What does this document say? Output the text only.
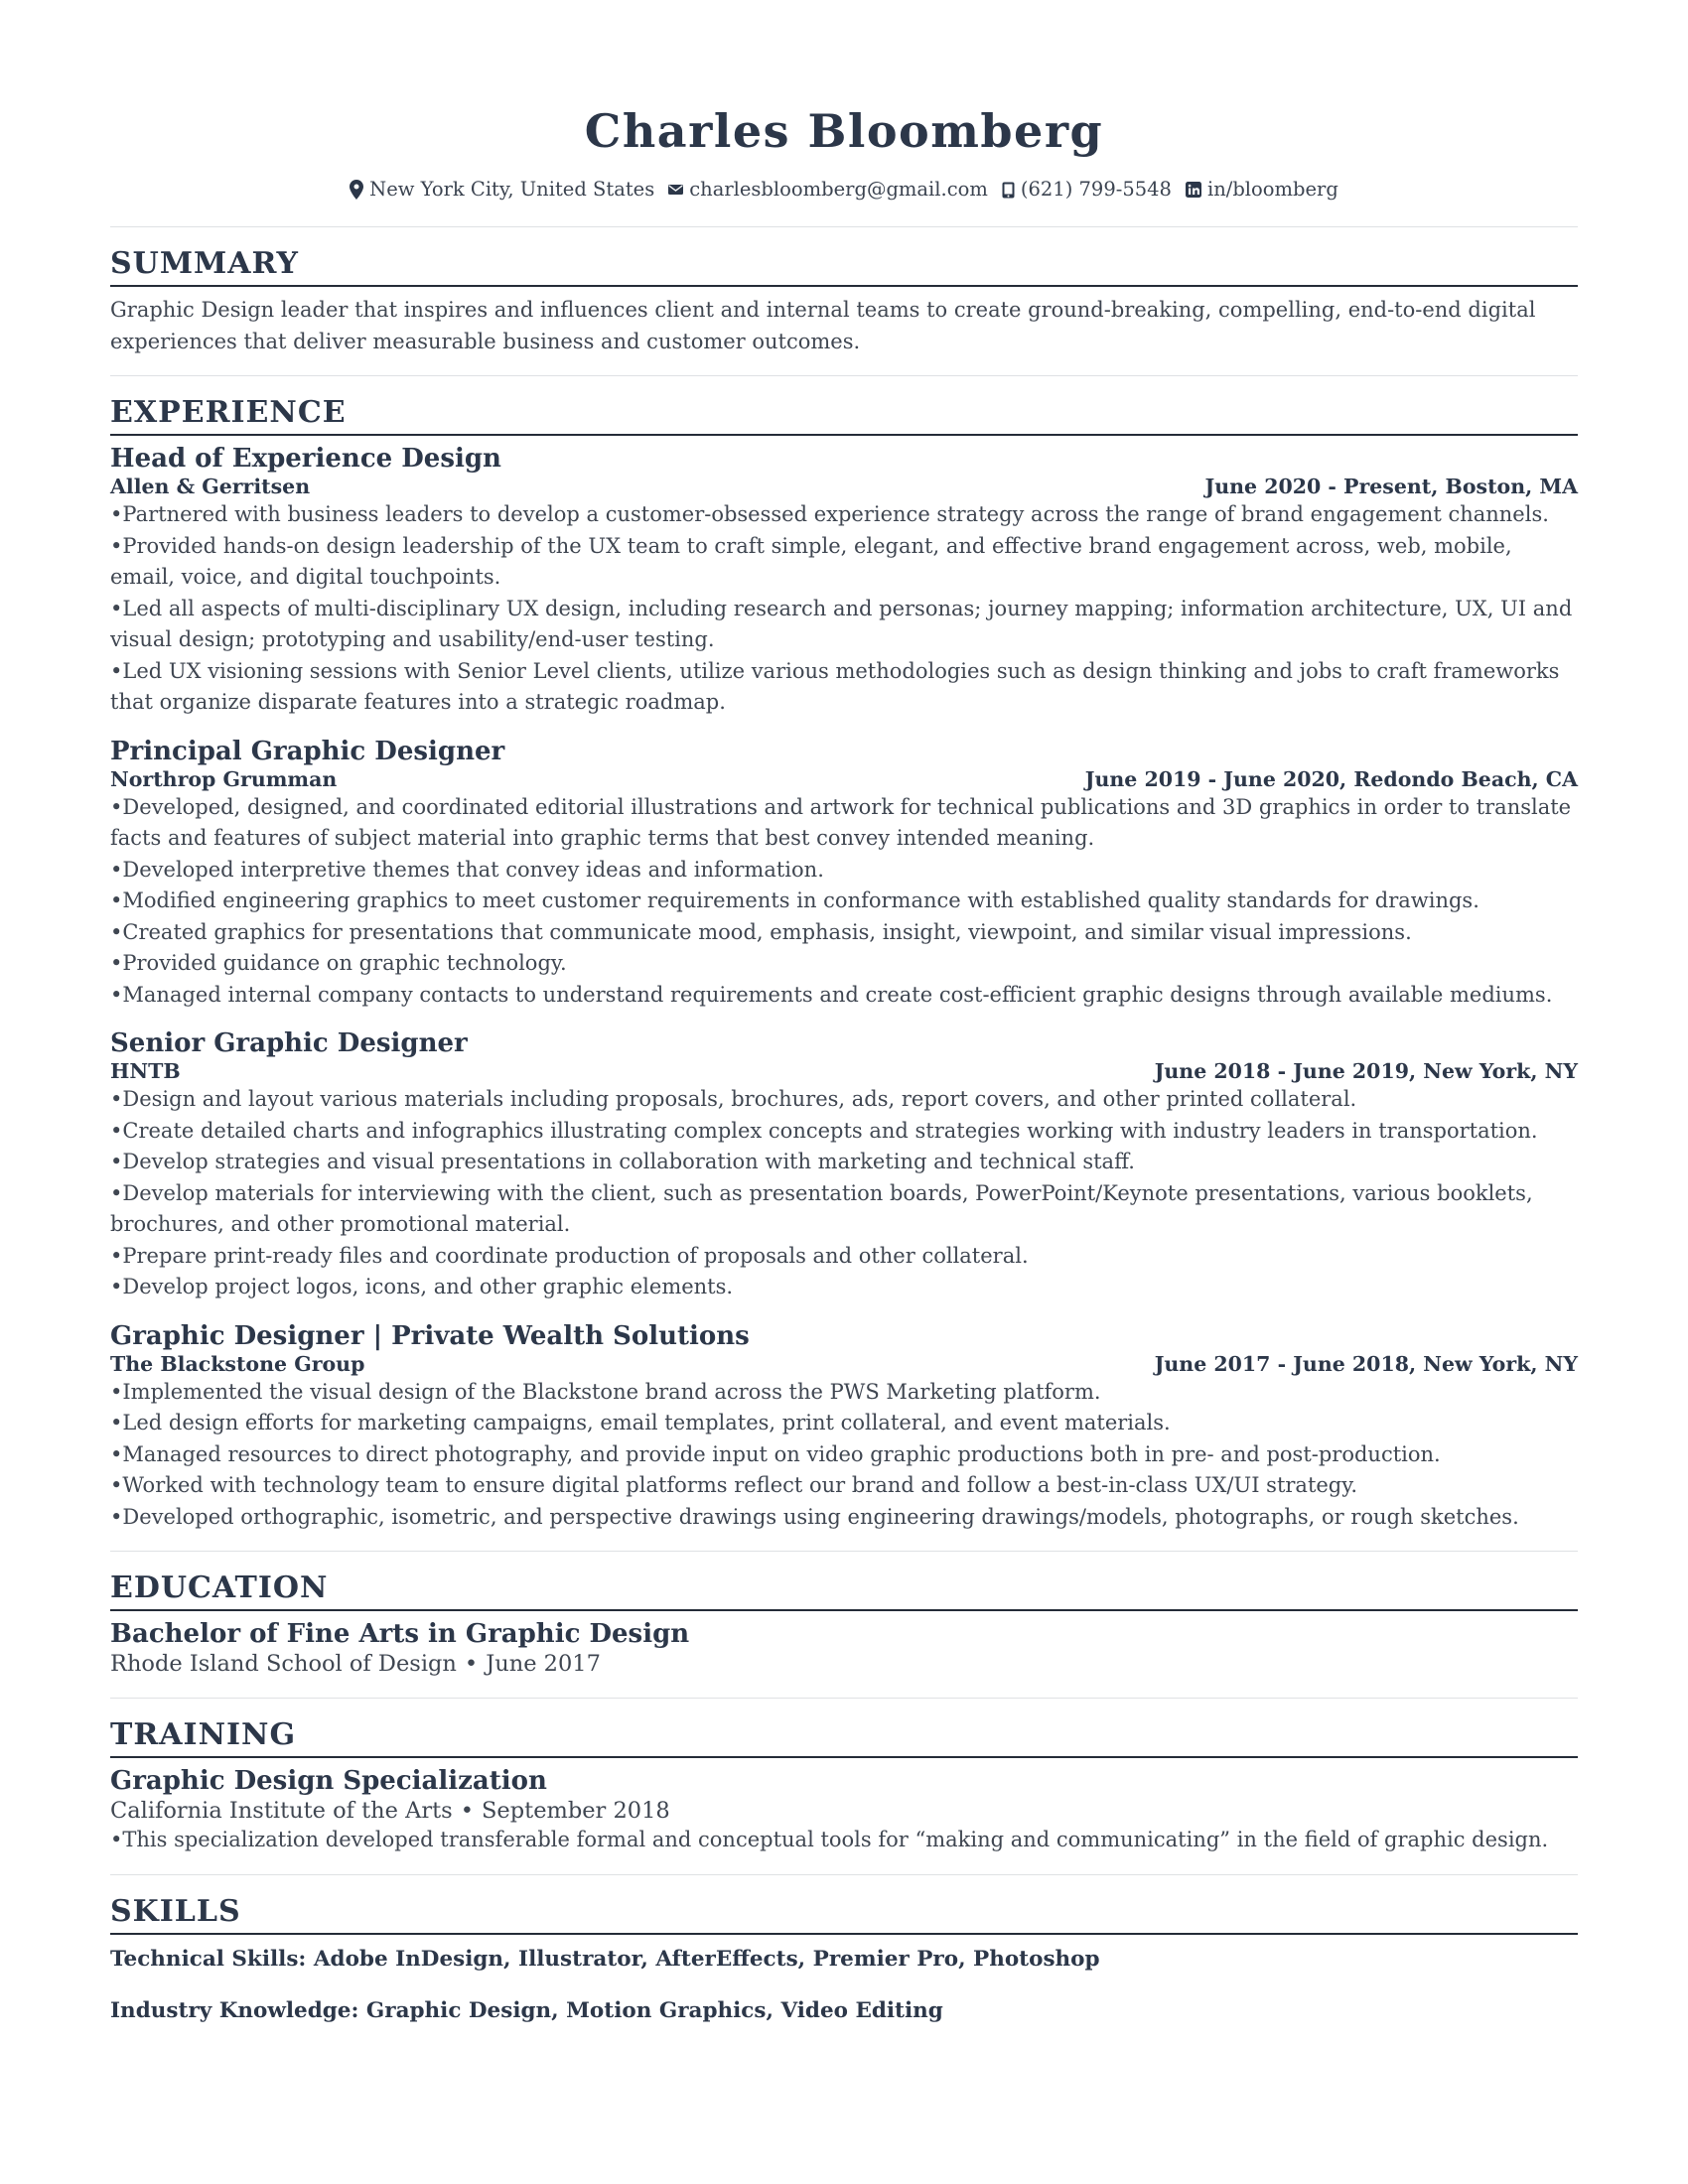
Charles Bloomberg
New York City, United States charlesbloomberg@gmail.com (621) 799-5548 in/bloomberg
SUMMARY
Graphic Design leader that inspires and influences client and internal teams to create ground-breaking, compelling, end-to-end digital experiences that deliver measurable business and customer outcomes.
EXPERIENCE
Head of Experience Design
Allen & Gerritsen	June 2020 - Present, Boston, MA
• Partnered with business leaders to develop a customer-obsessed experience strategy across the range of brand engagement channels.
• Provided hands-on design leadership of the UX team to craft simple, elegant, and effective brand engagement across, web, mobile, email, voice, and digital touchpoints.
• Led all aspects of multi-disciplinary UX design, including research and personas; journey mapping; information architecture, UX, UI and visual design; prototyping and usability/end-user testing.
• Led UX visioning sessions with Senior Level clients, utilize various methodologies such as design thinking and jobs to craft frameworks that organize disparate features into a strategic roadmap.
Principal Graphic Designer
Northrop Grumman	June 2019 - June 2020, Redondo Beach, CA
• Developed, designed, and coordinated editorial illustrations and artwork for technical publications and 3D graphics in order to translate facts and features of subject material into graphic terms that best convey intended meaning.
• Developed interpretive themes that convey ideas and information.
• Modified engineering graphics to meet customer requirements in conformance with established quality standards for drawings.
• Created graphics for presentations that communicate mood, emphasis, insight, viewpoint, and similar visual impressions.
• Provided guidance on graphic technology.
• Managed internal company contacts to understand requirements and create cost-efficient graphic designs through available mediums.
Senior Graphic Designer
HNTB	June 2018 - June 2019, New York, NY
• Design and layout various materials including proposals, brochures, ads, report covers, and other printed collateral.
• Create detailed charts and infographics illustrating complex concepts and strategies working with industry leaders in transportation.
• Develop strategies and visual presentations in collaboration with marketing and technical staff.
• Develop materials for interviewing with the client, such as presentation boards, PowerPoint/Keynote presentations, various booklets, brochures, and other promotional material.
• Prepare print-ready files and coordinate production of proposals and other collateral.
• Develop project logos, icons, and other graphic elements.
Graphic Designer | Private Wealth Solutions
The Blackstone Group	June 2017 - June 2018, New York, NY
• Implemented the visual design of the Blackstone brand across the PWS Marketing platform.
• Led design efforts for marketing campaigns, email templates, print collateral, and event materials.
• Managed resources to direct photography, and provide input on video graphic productions both in pre- and post-production.
• Worked with technology team to ensure digital platforms reflect our brand and follow a best-in-class UX/UI strategy.
• Developed orthographic, isometric, and perspective drawings using engineering drawings/models, photographs, or rough sketches.
EDUCATION
Bachelor of Fine Arts in Graphic Design
Rhode Island School of Design • June 2017
TRAINING
Graphic Design Specialization
California Institute of the Arts • September 2018
• This specialization developed transferable formal and conceptual tools for “making and communicating” in the field of graphic design.
SKILLS
Technical Skills: Adobe InDesign, Illustrator, AfterEffects, Premier Pro, Photoshop
Industry Knowledge: Graphic Design, Motion Graphics, Video Editing
